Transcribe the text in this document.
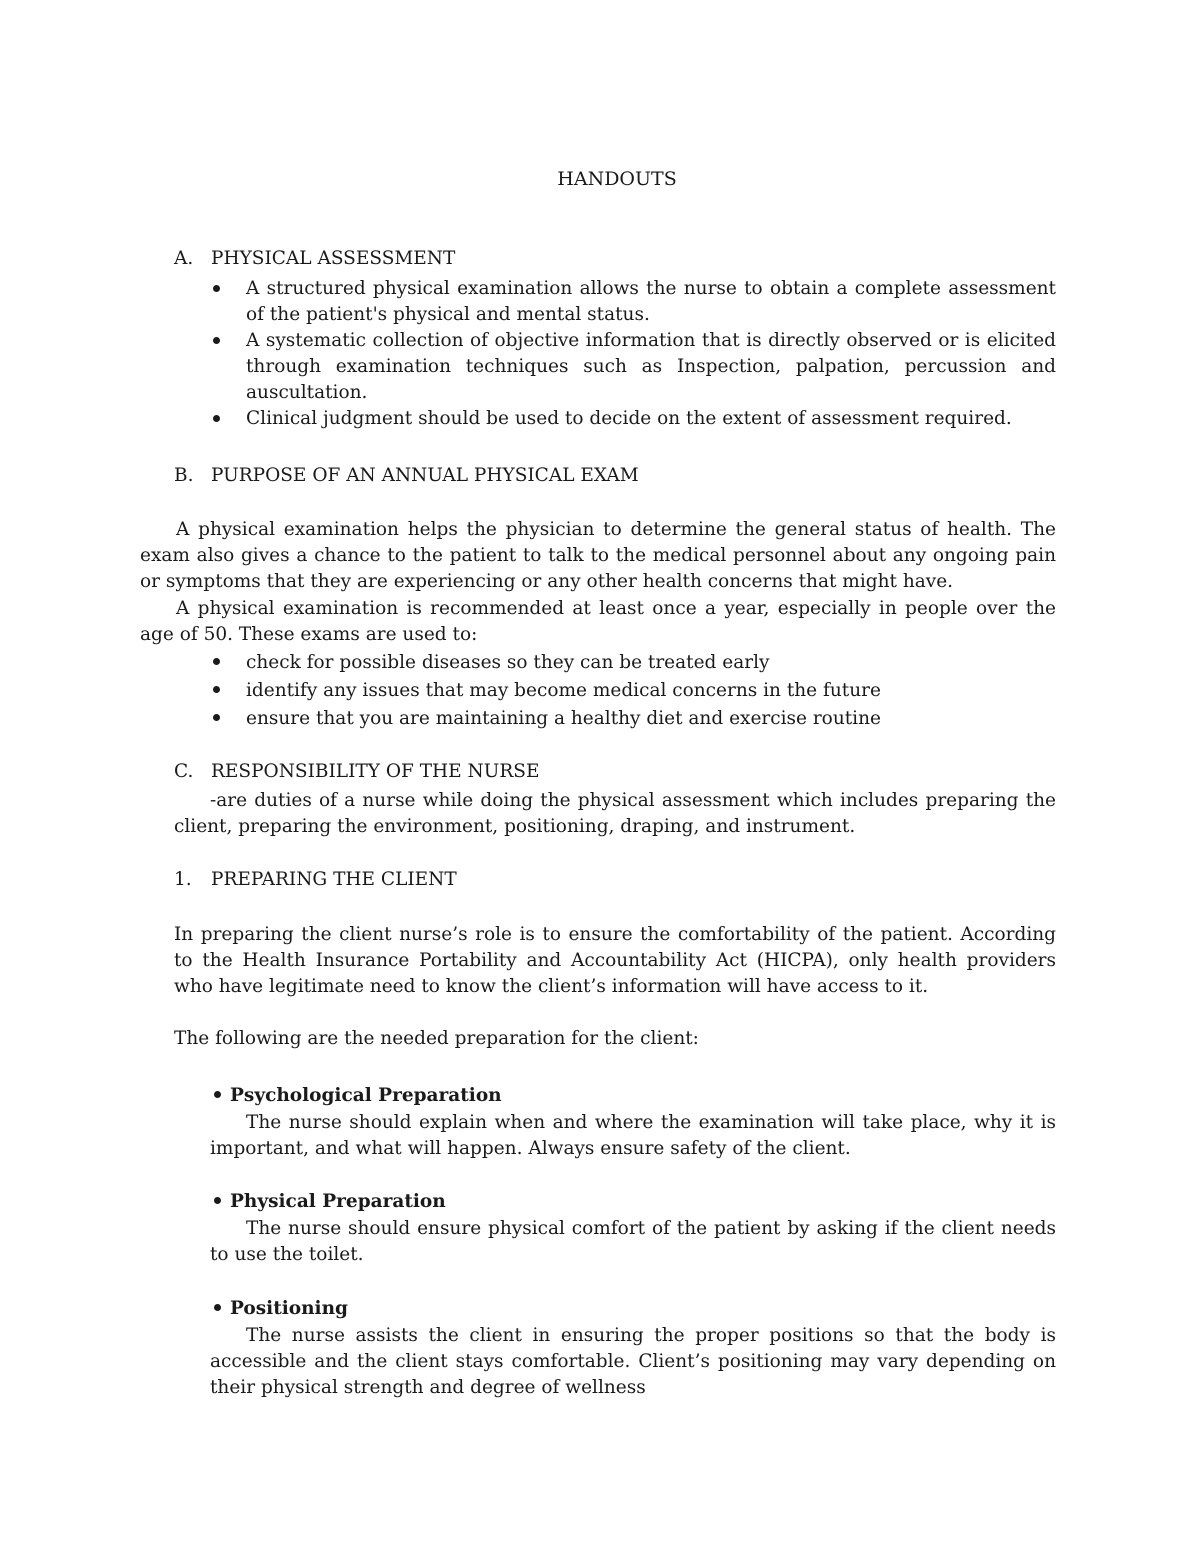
HANDOUTS
A. PHYSICAL ASSESSMENT
A structured physical examination allows the nurse to obtain a complete assessment of the patient's physical and mental status.
A systematic collection of objective information that is directly observed or is elicited through examination techniques such as Inspection, palpation, percussion and auscultation.
Clinical judgment should be used to decide on the extent of assessment required.
B. PURPOSE OF AN ANNUAL PHYSICAL EXAM
A physical examination helps the physician to determine the general status of health. The exam also gives a chance to the patient to talk to the medical personnel about any ongoing pain or symptoms that they are experiencing or any other health concerns that might have.
A physical examination is recommended at least once a year, especially in people over the age of 50. These exams are used to:
check for possible diseases so they can be treated early
identify any issues that may become medical concerns in the future
ensure that you are maintaining a healthy diet and exercise routine
C. RESPONSIBILITY OF THE NURSE
-are duties of a nurse while doing the physical assessment which includes preparing the client, preparing the environment, positioning, draping, and instrument.
1. PREPARING THE CLIENT
In preparing the client nurse’s role is to ensure the comfortability of the patient. According to the Health Insurance Portability and Accountability Act (HICPA), only health providers who have legitimate need to know the client’s information will have access to it.
The following are the needed preparation for the client:
Psychological Preparation
The nurse should explain when and where the examination will take place, why it is important, and what will happen. Always ensure safety of the client.
Physical Preparation
The nurse should ensure physical comfort of the patient by asking if the client needs to use the toilet.
Positioning
The nurse assists the client in ensuring the proper positions so that the body is accessible and the client stays comfortable. Client’s positioning may vary depending on their physical strength and degree of wellness
